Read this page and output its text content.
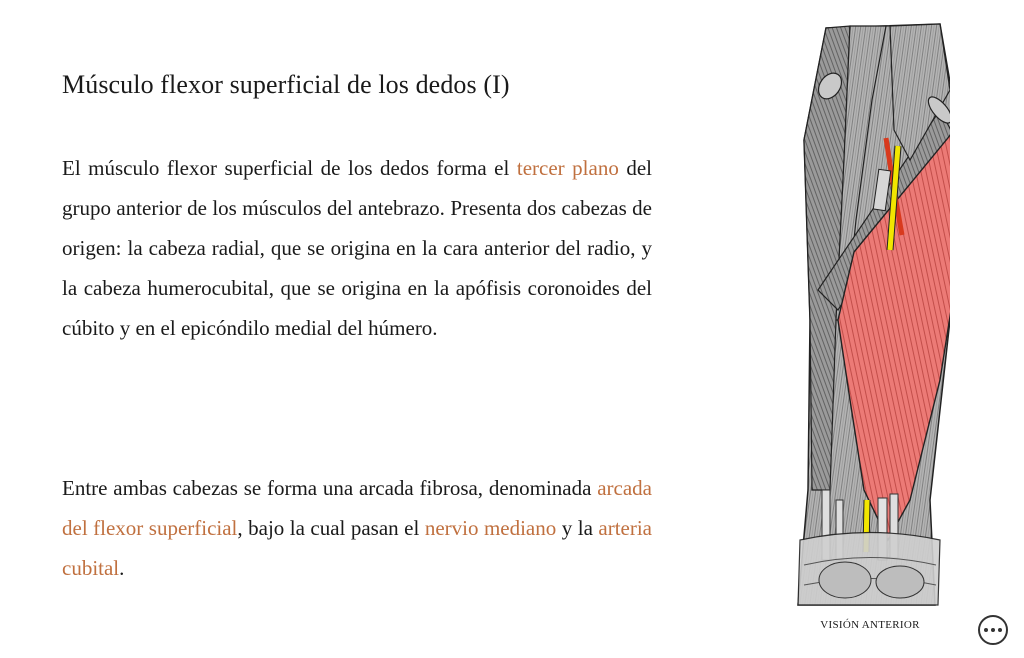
Músculo flexor superficial de los dedos (I)

El músculo flexor superficial de los dedos forma el tercer plano del grupo anterior de los músculos del antebrazo. Presenta dos cabezas de origen: la cabeza radial, que se origina en la cara anterior del radio, y la cabeza humerocubital, que se origina en la apófisis coronoides del cúbito y en el epicóndilo medial del húmero.

Entre ambas cabezas se forma una arcada fibrosa, denominada arcada del flexor superficial, bajo la cual pasan el nervio mediano y la arteria cubital.

VISIÓN ANTERIOR
